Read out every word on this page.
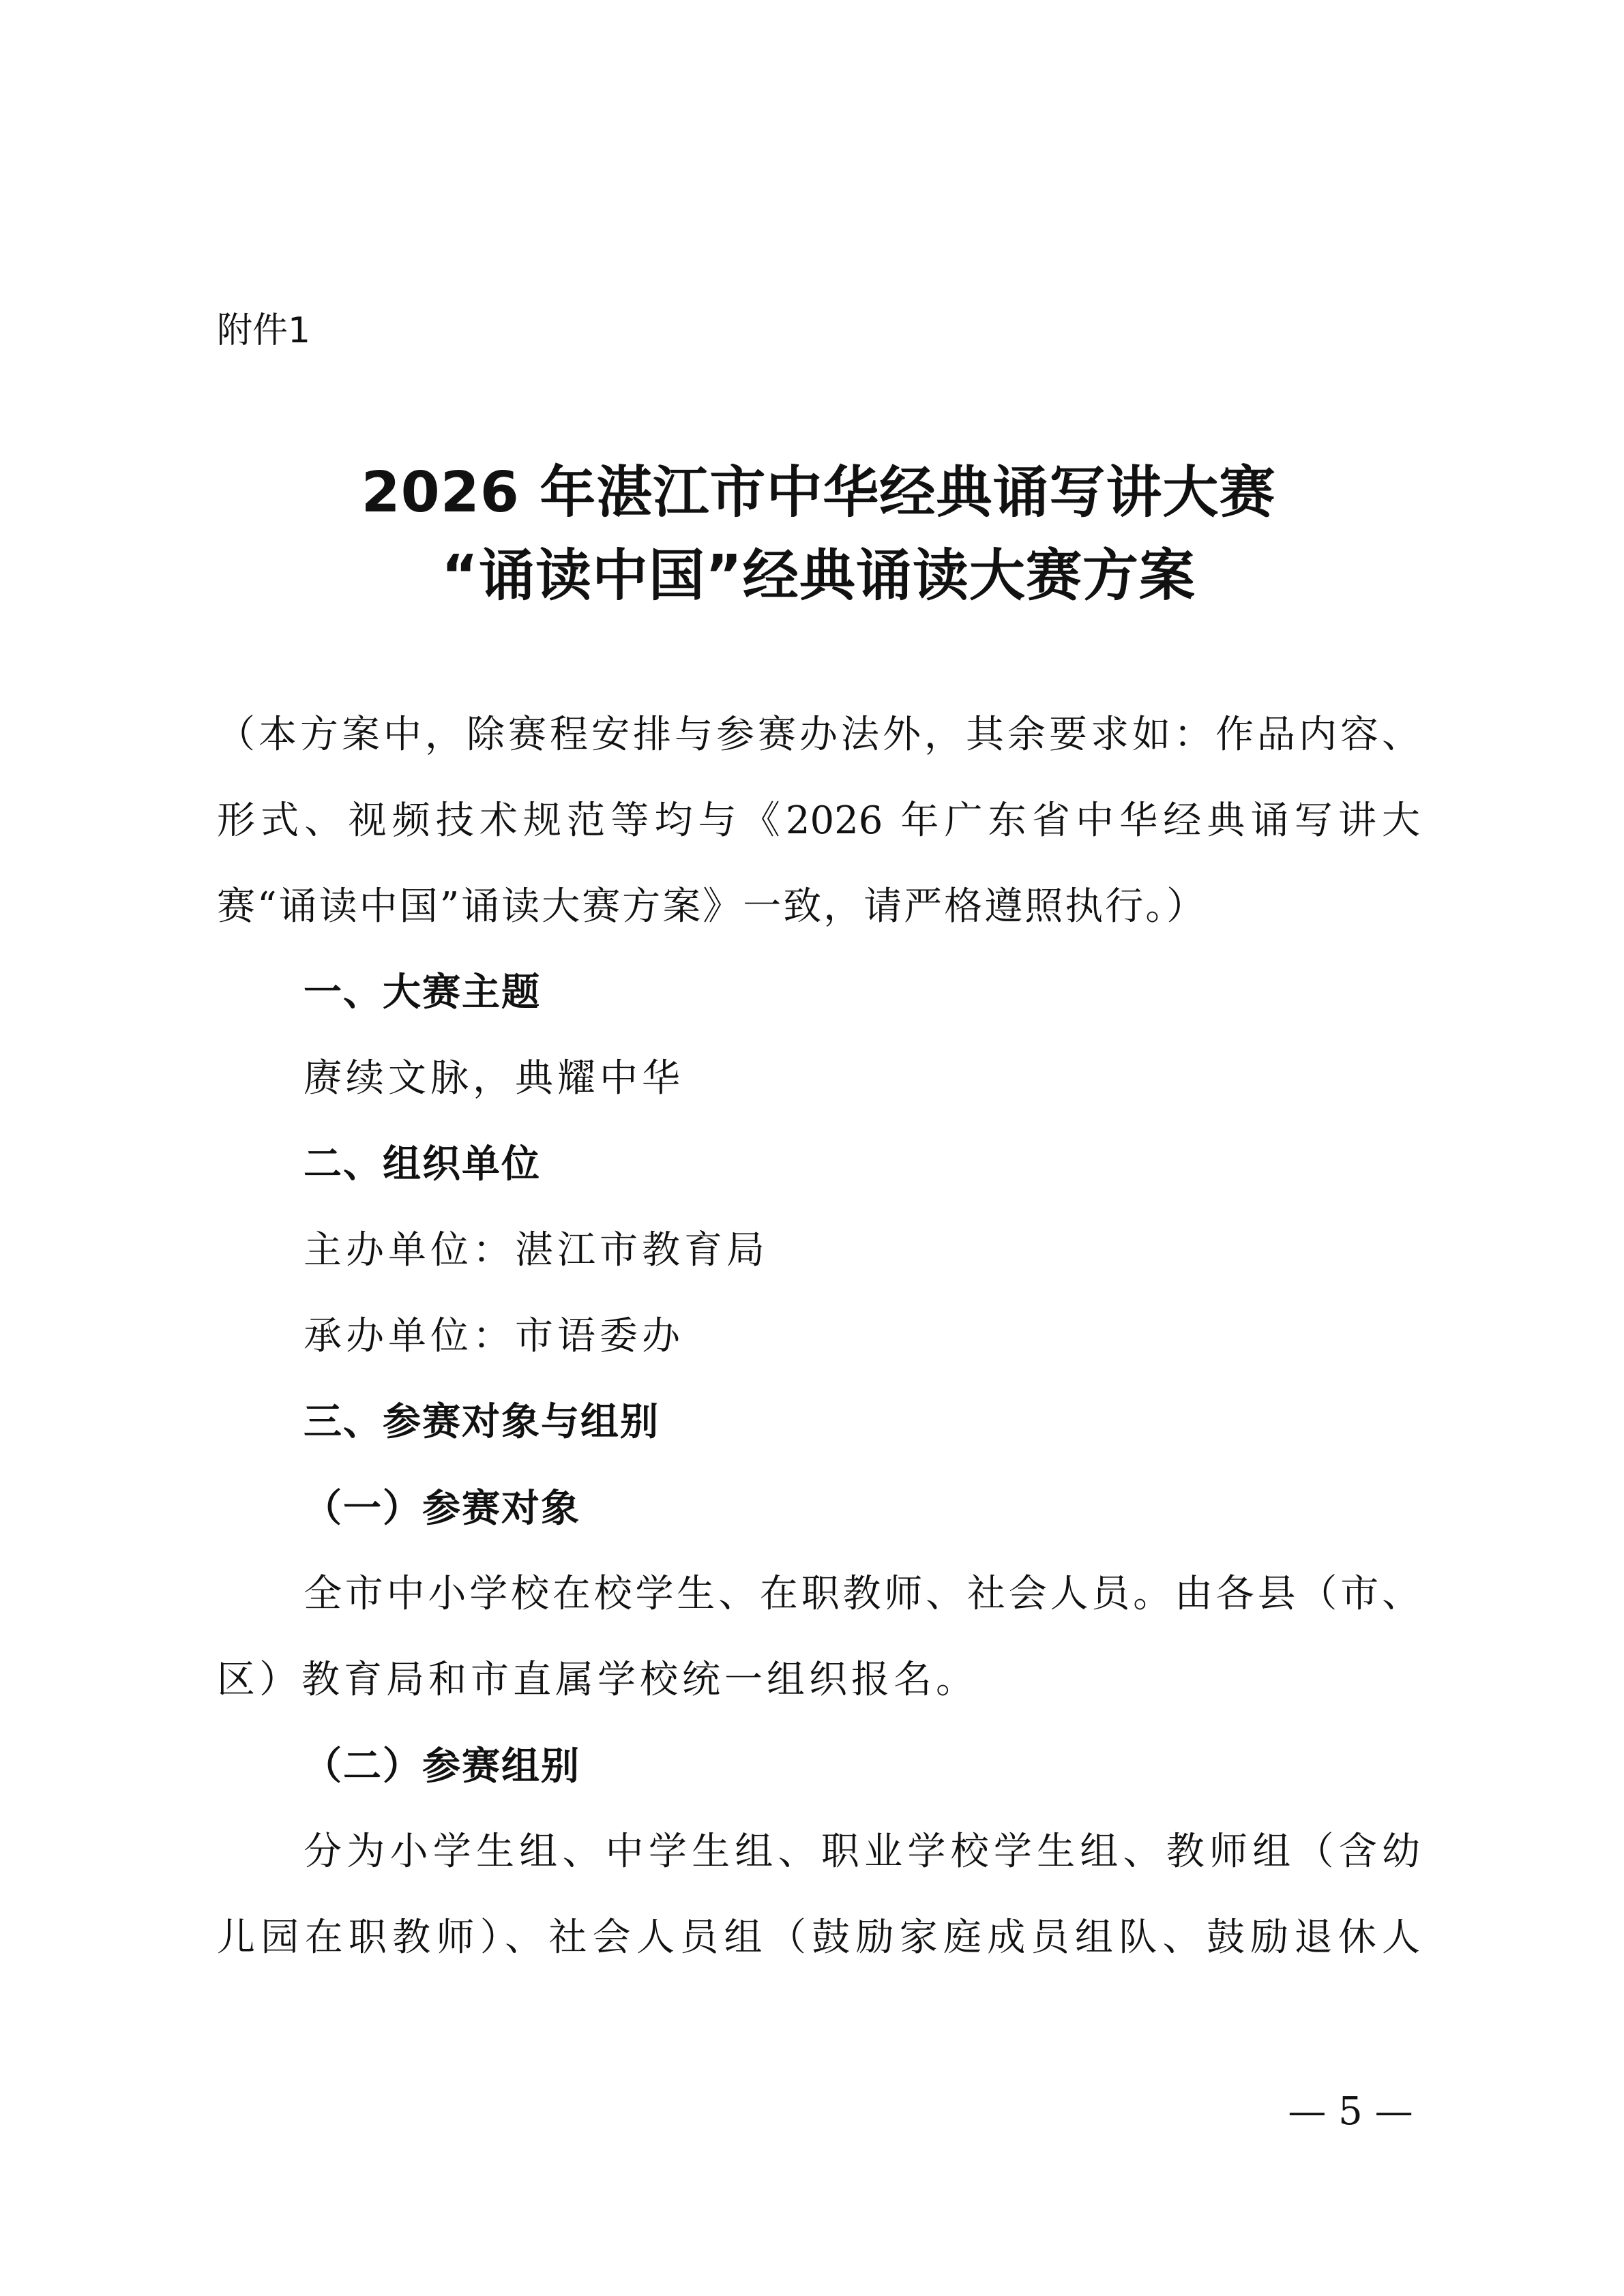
附件1
2026 年湛江市中华经典诵写讲大赛
“诵读中国”经典诵读大赛方案
（本方案中，除赛程安排与参赛办法外，其余要求如：作品内容、
形式、视频技术规范等均与《2026 年广东省中华经典诵写讲大
赛“诵读中国”诵读大赛方案》一致，请严格遵照执行。）
一、大赛主题
赓续文脉，典耀中华
二、组织单位
主办单位：湛江市教育局
承办单位：市语委办
三、参赛对象与组别
（一）参赛对象
全市中小学校在校学生、在职教师、社会人员。由各县（市、
区）教育局和市直属学校统一组织报名。
（二）参赛组别
分为小学生组、中学生组、职业学校学生组、教师组（含幼
儿园在职教师）、社会人员组（鼓励家庭成员组队、鼓励退休人
— 5 —
